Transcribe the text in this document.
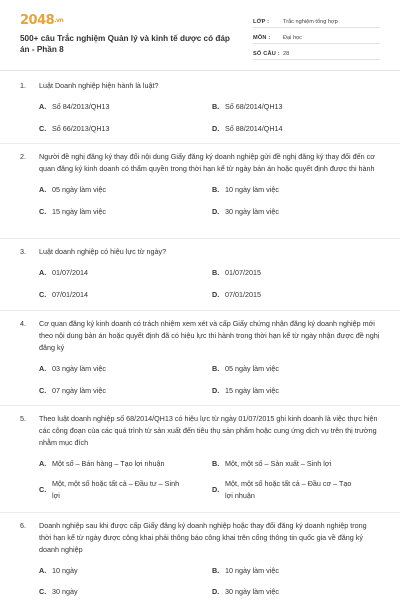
2048.vn
500+ câu Trắc nghiệm Quản lý và kinh tế dược có đáp án - Phần 8
LỚP :	Trắc nghiệm tổng hợp
MÔN :	Đại học
SỐ CÂU : 28
1.	Luật Doanh nghiệp hiện hành là luật?
A. Số 84/2013/QH13	B. Số 68/2014/QH13
C. Số 66/2013/QH13	D. Số 88/2014/QH14
2.	Người đề nghị đăng ký thay đổi nội dung Giấy đăng ký doanh nghiệp gửi đề nghị đăng ký thay đổi đến cơ quan đăng ký kinh doanh có thẩm quyền trong thời hạn kể từ ngày bản án hoặc quyết định được thi hành
A. 05 ngày làm việc	B. 10 ngày làm việc
C. 15 ngày làm việc	D. 30 ngày làm việc
3.	Luật doanh nghiệp có hiệu lực từ ngày?
A. 01/07/2014	B. 01/07/2015
C. 07/01/2014	D. 07/01/2015
4.	Cơ quan đăng ký kinh doanh có trách nhiệm xem xét và cấp Giấy chứng nhận đăng ký doanh nghiệp mới theo nội dung bản án hoặc quyết định đã có hiệu lực thi hành trong thời hạn kể từ ngày nhận được đề nghị đăng ký
A. 03 ngày làm việc	B. 05 ngày làm việc
C. 07 ngày làm việc	D. 15 ngày làm việc
5.	Theo luật doanh nghiệp số 68/2014/QH13 có hiệu lực từ ngày 01/07/2015 ghi kinh doanh là việc thực hiện các công đoạn của các quá trình từ sản xuất đến tiêu thụ sản phẩm hoặc cung ứng dịch vụ trên thị trường nhằm mục đích
A. Một số – Bán hàng – Tạo lợi nhuận	B. Một, một số – Sản xuất – Sinh lợi
C.
Một, một số hoặc tất cả – Đầu tư – Sinh lợi
D.
Một, một số hoặc tất cả – Đầu cơ – Tạo lợi nhuận
6.	Doanh nghiệp sau khi được cấp Giấy đăng ký doanh nghiệp hoặc thay đổi đăng ký doanh nghiệp trong thời hạn kể từ ngày được công khai phải thông báo công khai trên cổng thông tin quốc gia về đăng ký doanh nghiệp
A. 10 ngày	B. 10 ngày làm việc
C. 30 ngày	D. 30 ngày làm việc
